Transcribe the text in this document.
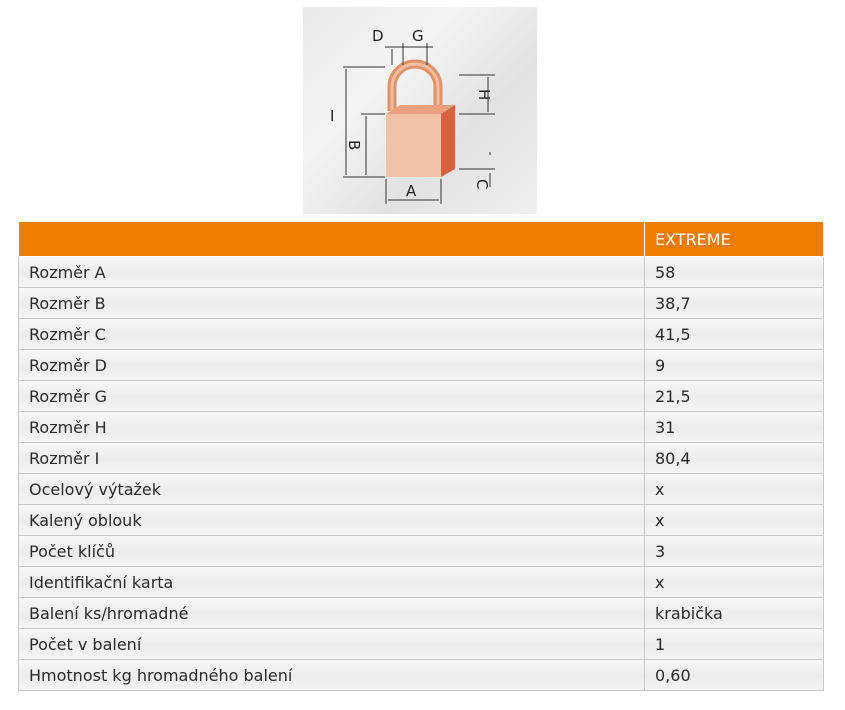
D G
H
I
B
A	C
	EXTREME
Rozměr A	58
Rozměr B	38,7
Rozměr C	41,5
Rozměr D	9
Rozměr G	21,5
Rozměr H	31
Rozměr I	80,4
Ocelový výtažek	x
Kalený oblouk	x
Počet klíčů	3
Identifikační karta	x
Balení ks/hromadné	krabička
Počet v balení	1
Hmotnost kg hromadného balení	0,60
